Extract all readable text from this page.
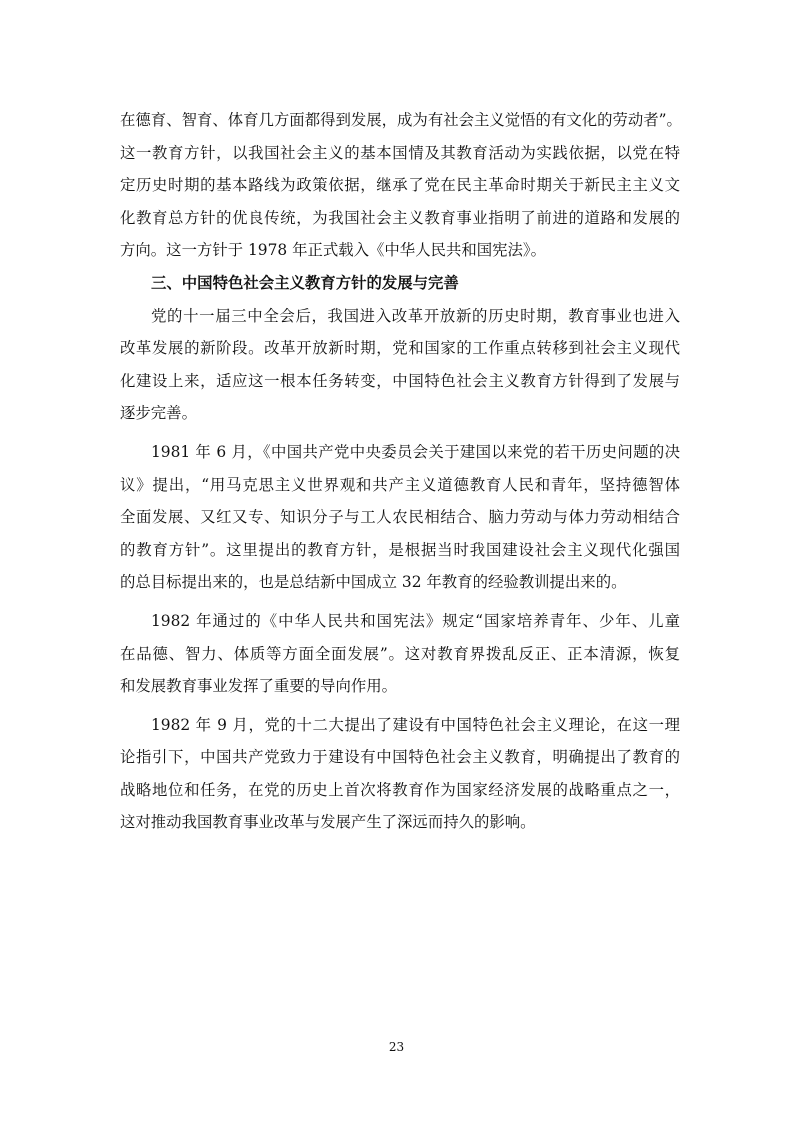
在德育、智育、体育几方面都得到发展，成为有社会主义觉悟的有文化的劳动者”。
这一教育方针，以我国社会主义的基本国情及其教育活动为实践依据，以党在特
定历史时期的基本路线为政策依据，继承了党在民主革命时期关于新民主主义文
化教育总方针的优良传统，为我国社会主义教育事业指明了前进的道路和发展的
方向。这一方针于 1978 年正式载入《中华人民共和国宪法》。
三、中国特色社会主义教育方针的发展与完善
党的十一届三中全会后，我国进入改革开放新的历史时期，教育事业也进入
改革发展的新阶段。改革开放新时期，党和国家的工作重点转移到社会主义现代
化建设上来，适应这一根本任务转变，中国特色社会主义教育方针得到了发展与
逐步完善。
1981 年 6 月，《中国共产党中央委员会关于建国以来党的若干历史问题的决
议》提出，“用马克思主义世界观和共产主义道德教育人民和青年，坚持德智体
全面发展、又红又专、知识分子与工人农民相结合、脑力劳动与体力劳动相结合
的教育方针”。这里提出的教育方针，是根据当时我国建设社会主义现代化强国
的总目标提出来的，也是总结新中国成立 32 年教育的经验教训提出来的。
1982 年通过的《中华人民共和国宪法》规定“国家培养青年、少年、儿童
在品德、智力、体质等方面全面发展”。这对教育界拨乱反正、正本清源，恢复
和发展教育事业发挥了重要的导向作用。
1982 年 9 月，党的十二大提出了建设有中国特色社会主义理论，在这一理
论指引下，中国共产党致力于建设有中国特色社会主义教育，明确提出了教育的
战略地位和任务，在党的历史上首次将教育作为国家经济发展的战略重点之一，
这对推动我国教育事业改革与发展产生了深远而持久的影响。
23
